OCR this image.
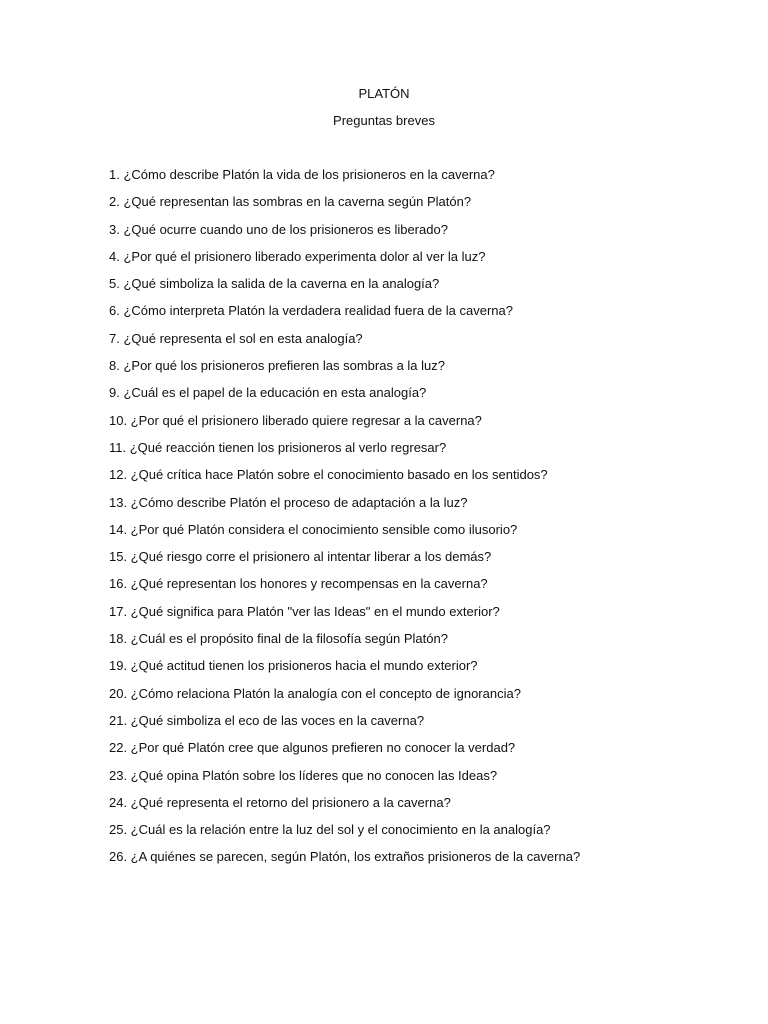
PLATÓN
Preguntas breves
1. ¿Cómo describe Platón la vida de los prisioneros en la caverna?
2. ¿Qué representan las sombras en la caverna según Platón?
3. ¿Qué ocurre cuando uno de los prisioneros es liberado?
4. ¿Por qué el prisionero liberado experimenta dolor al ver la luz?
5. ¿Qué simboliza la salida de la caverna en la analogía?
6. ¿Cómo interpreta Platón la verdadera realidad fuera de la caverna?
7. ¿Qué representa el sol en esta analogía?
8. ¿Por qué los prisioneros prefieren las sombras a la luz?
9. ¿Cuál es el papel de la educación en esta analogía?
10. ¿Por qué el prisionero liberado quiere regresar a la caverna?
11. ¿Qué reacción tienen los prisioneros al verlo regresar?
12. ¿Qué crítica hace Platón sobre el conocimiento basado en los sentidos?
13. ¿Cómo describe Platón el proceso de adaptación a la luz?
14. ¿Por qué Platón considera el conocimiento sensible como ilusorio?
15. ¿Qué riesgo corre el prisionero al intentar liberar a los demás?
16. ¿Qué representan los honores y recompensas en la caverna?
17. ¿Qué significa para Platón "ver las Ideas" en el mundo exterior?
18. ¿Cuál es el propósito final de la filosofía según Platón?
19. ¿Qué actitud tienen los prisioneros hacia el mundo exterior?
20. ¿Cómo relaciona Platón la analogía con el concepto de ignorancia?
21. ¿Qué simboliza el eco de las voces en la caverna?
22. ¿Por qué Platón cree que algunos prefieren no conocer la verdad?
23. ¿Qué opina Platón sobre los líderes que no conocen las Ideas?
24. ¿Qué representa el retorno del prisionero a la caverna?
25. ¿Cuál es la relación entre la luz del sol y el conocimiento en la analogía?
26. ¿A quiénes se parecen, según Platón, los extraños prisioneros de la caverna?
